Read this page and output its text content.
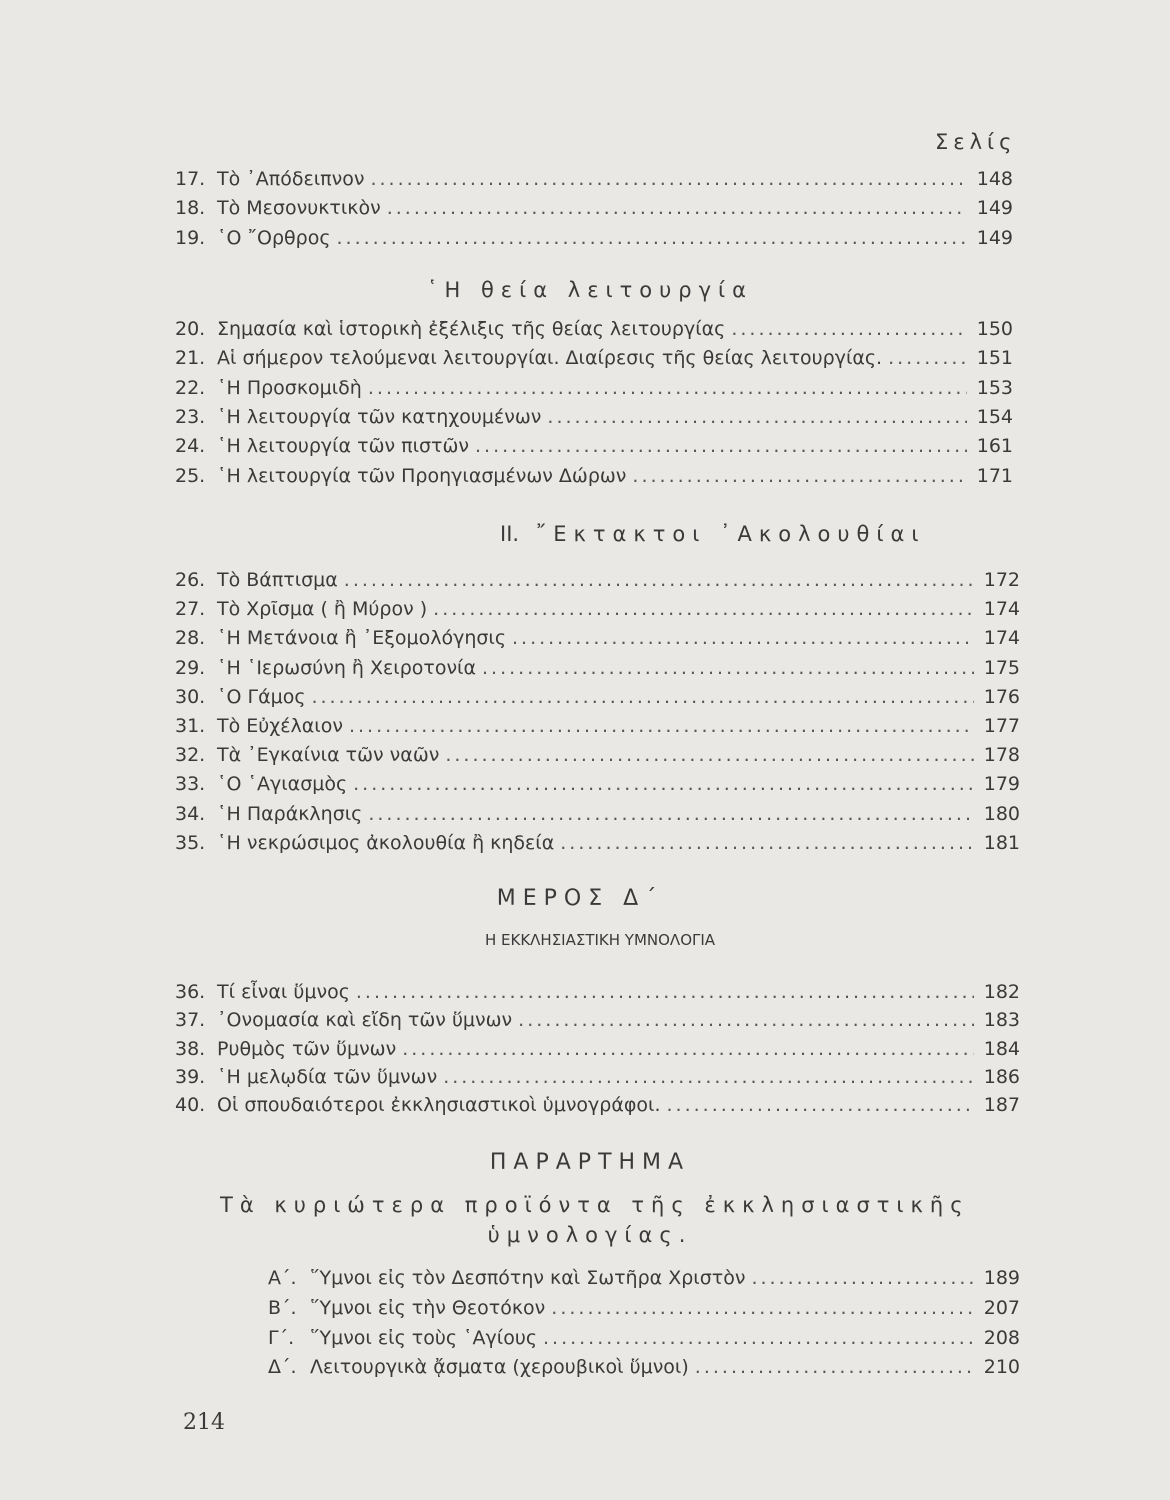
Σελίς
17. Τὸ ᾿Απόδειπνον .....	148
18. Τὸ Μεσονυκτικὸν .....	149
19. ῾Ο ῎Ορθρος .....	149
῾Η θεία λειτουργία
20. Σημασία καὶ ἱστορικὴ ἐξέλιξις τῆς θείας λειτουργίας .....	150
21. Αἱ σήμερον τελούμεναι λειτουργίαι. Διαίρεσις τῆς θείας λειτουργίας. .....	151
22. ῾Η Προσκομιδὴ .....	153
23. ῾Η λειτουργία τῶν κατηχουμένων .....	154
24. ῾Η λειτουργία τῶν πιστῶν .....	161
25. ῾Η λειτουργία τῶν Προηγιασμένων Δώρων .....	171
II. ῎Εκτακτοι ᾿Ακολουθίαι
26. Τὸ Βάπτισμα .....	172
27. Τὸ Χρῖσμα ( ἢ Μύρον ) .....	174
28. ῾Η Μετάνοια ἢ ᾿Εξομολόγησις .....	174
29. ῾Η ῾Ιερωσύνη ἢ Χειροτονία .....	175
30. ῾Ο Γάμος .....	176
31. Τὸ Εὐχέλαιον .....	177
32. Τὰ ᾿Εγκαίνια τῶν ναῶν .....	178
33. ῾Ο ῾Αγιασμὸς .....	179
34. ῾Η Παράκλησις .....	180
35. ῾Η νεκρώσιμος ἀκολουθία ἢ κηδεία .....	181
ΜΕΡΟΣ Δ΄
Η ΕΚΚΛΗΣΙΑΣΤΙΚΗ ΥΜΝΟΛΟΓΙΑ
36. Τί εἶναι ὕμνος .....	182
37. ᾿Ονομασία καὶ εἴδη τῶν ὕμνων .....	183
38. Ρυθμὸς τῶν ὕμνων .....	184
39. ῾Η μελῳδία τῶν ὕμνων .....	186
40. Οἱ σπουδαιότεροι ἐκκλησιαστικοὶ ὑμνογράφοι. .....	187
ΠΑΡΑΡΤΗΜΑ
Τὰ κυριώτερα προϊόντα τῆς ἐκκλησιαστικῆς
ὑμνολογίας.
Α΄. ῞Υμνοι εἰς τὸν Δεσπότην καὶ Σωτῆρα Χριστὸν .....	189
Β΄. ῞Υμνοι εἰς τὴν Θεοτόκον .....	207
Γ΄. ῞Υμνοι εἰς τοὺς ῾Αγίους .....	208
Δ΄. Λειτουργικὰ ᾄσματα (χερουβικοὶ ὕμνοι) .....	210
214
